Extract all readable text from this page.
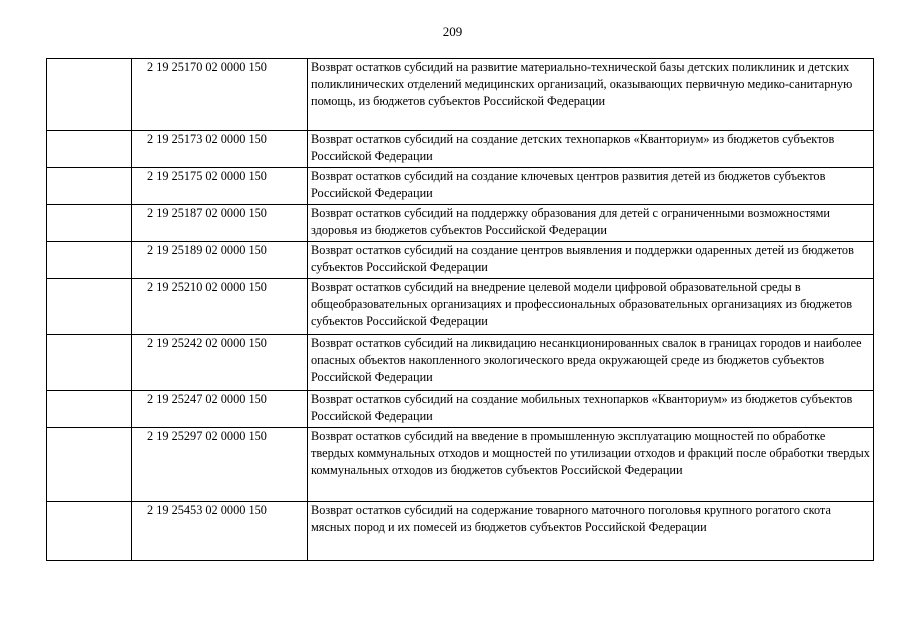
209
	2 19 25170 02 0000 150	Возврат остатков субсидий на развитие материально-технической базы детских поликлиник и детских поликлинических отделений медицинских организаций, оказывающих первичную медико-санитарную помощь, из бюджетов субъектов Российской Федерации
	2 19 25173 02 0000 150	Возврат остатков субсидий на создание детских технопарков «Кванториум» из бюджетов субъектов Российской Федерации
	2 19 25175 02 0000 150	Возврат остатков субсидий на создание ключевых центров развития детей из бюджетов субъектов Российской Федерации
	2 19 25187 02 0000 150	Возврат остатков субсидий на поддержку образования для детей с ограниченными возможностями здоровья из бюджетов субъектов Российской Федерации
	2 19 25189 02 0000 150	Возврат остатков субсидий на создание центров выявления и поддержки одаренных детей из бюджетов субъектов Российской Федерации
	2 19 25210 02 0000 150	Возврат остатков субсидий на внедрение целевой модели цифровой образовательной среды в общеобразовательных организациях и профессиональных образовательных организациях из бюджетов субъектов Российской Федерации
	2 19 25242 02 0000 150	Возврат остатков субсидий на ликвидацию несанкционированных свалок в границах городов и наиболее опасных объектов накопленного экологического вреда окружающей среде из бюджетов субъектов Российской Федерации
	2 19 25247 02 0000 150	Возврат остатков субсидий на создание мобильных технопарков «Кванториум» из бюджетов субъектов Российской Федерации
	2 19 25297 02 0000 150	Возврат остатков субсидий на введение в промышленную эксплуатацию мощностей по обработке твердых коммунальных отходов и мощностей по утилизации отходов и фракций после обработки твердых коммунальных отходов из бюджетов субъектов Российской Федерации
	2 19 25453 02 0000 150	Возврат остатков субсидий на содержание товарного маточного поголовья крупного рогатого скота мясных пород и их помесей из бюджетов субъектов Российской Федерации
